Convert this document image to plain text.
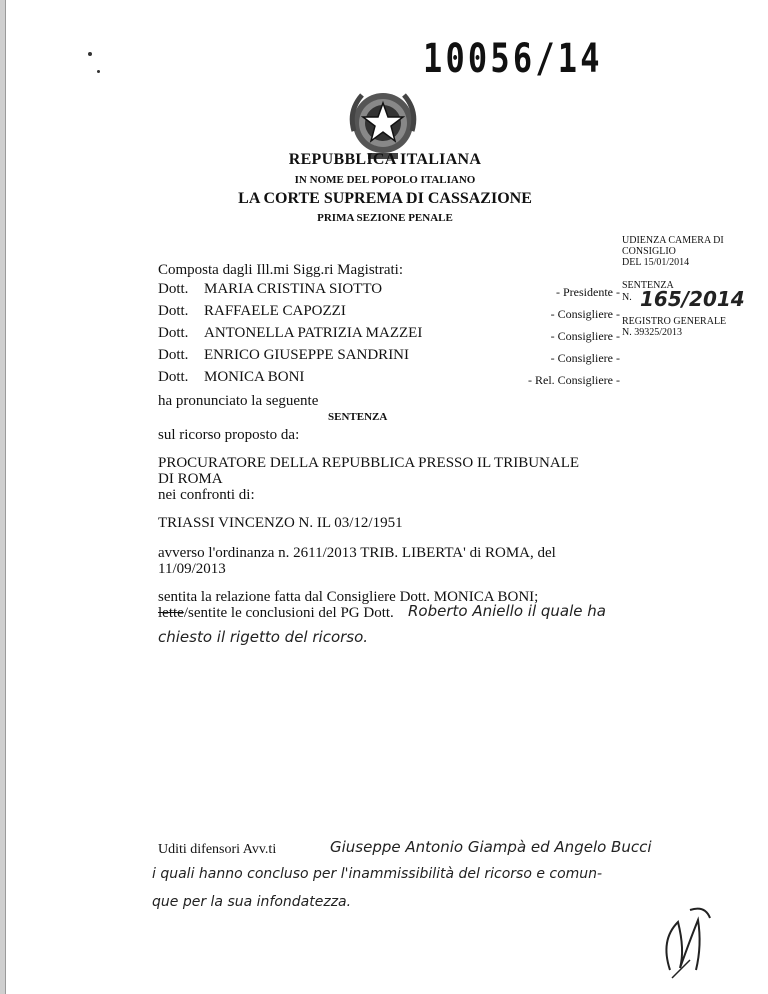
10056/14
REPUBBLICA ITALIANA
IN NOME DEL POPOLO ITALIANO
LA CORTE SUPREMA DI CASSAZIONE
PRIMA SEZIONE PENALE
UDIENZA CAMERA DI
CONSIGLIO
DEL 15/01/2014
SENTENZA
N. 165/2014
REGISTRO GENERALE
N. 39325/2013
Composta dagli Ill.mi Sigg.ri Magistrati:
Dott. MARIA CRISTINA SIOTTO
Dott. RAFFAELE CAPOZZI
Dott. ANTONELLA PATRIZIA MAZZEI
Dott. ENRICO GIUSEPPE SANDRINI
Dott. MONICA BONI
- Presidente -
- Consigliere -
- Consigliere -
- Consigliere -
- Rel. Consigliere -
ha pronunciato la seguente
SENTENZA
sul ricorso proposto da:
PROCURATORE DELLA REPUBBLICA PRESSO IL TRIBUNALE
DI ROMA
nei confronti di:
TRIASSI VINCENZO N. IL 03/12/1951
avverso l'ordinanza n. 2611/2013 TRIB. LIBERTA' di ROMA, del
11/09/2013
sentita la relazione fatta dal Consigliere Dott. MONICA BONI;
lette/sentite le conclusioni del PG Dott. Roberto Aniello il quale ha
chiesto il rigetto del ricorso.
Uditi difensori Avv.ti	Giuseppe Antonio Giampà ed Angelo Bucci
i quali hanno concluso per l'inammissibilità del ricorso e comun-
que per la sua infondatezza.
